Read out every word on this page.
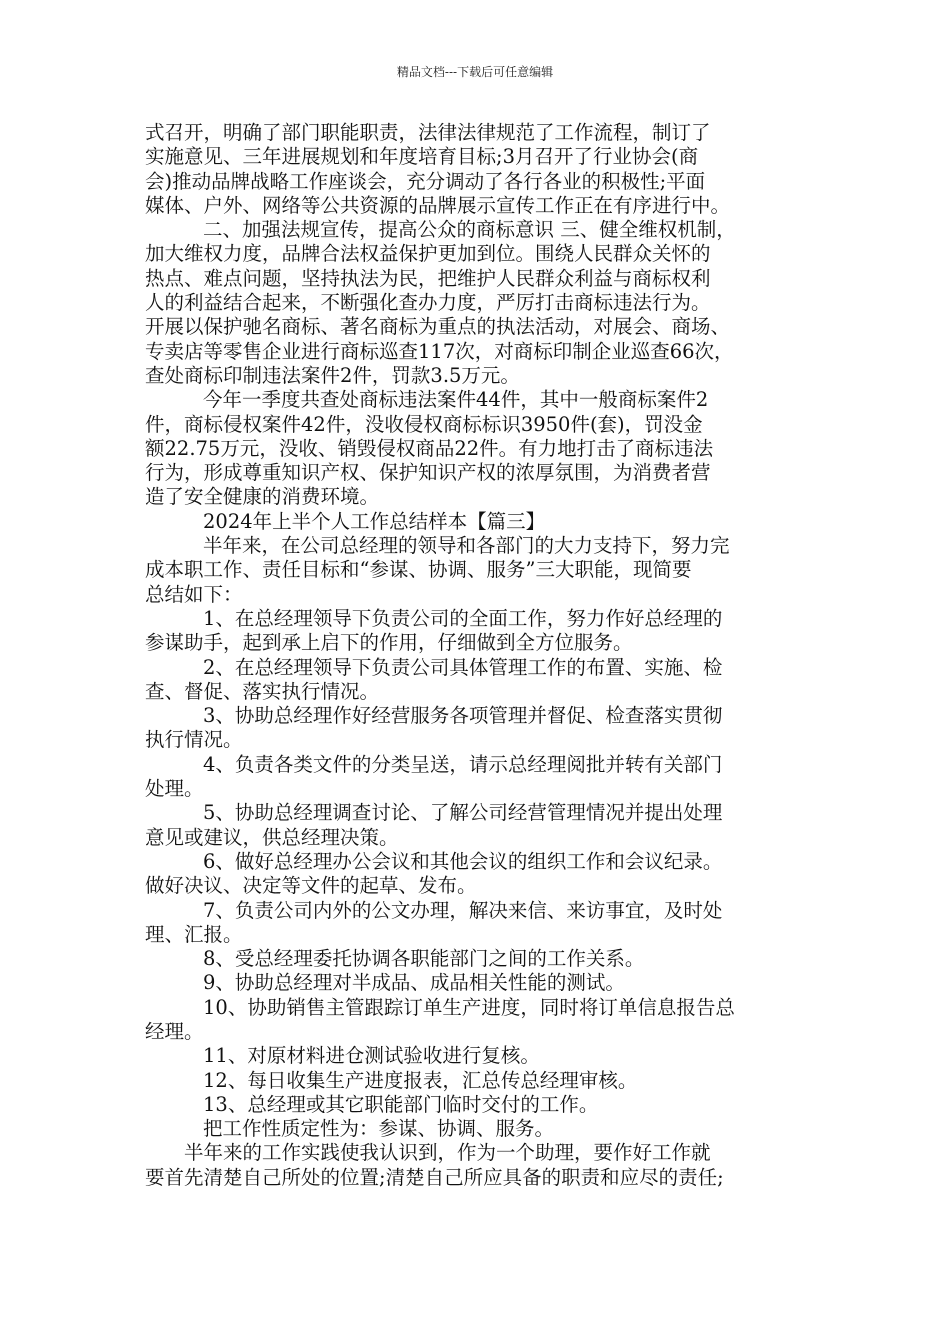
精品文档---下载后可任意编辑
式召开，明确了部门职能职责，法律法律规范了工作流程，制订了
实施意见、三年进展规划和年度培育目标;3月召开了行业协会(商
会)推动品牌战略工作座谈会，充分调动了各行各业的积极性;平面
媒体、户外、网络等公共资源的品牌展示宣传工作正在有序进行中。
二、加强法规宣传，提高公众的商标意识 三、健全维权机制，
加大维权力度，品牌合法权益保护更加到位。围绕人民群众关怀的
热点、难点问题，坚持执法为民，把维护人民群众利益与商标权利
人的利益结合起来，不断强化查办力度，严厉打击商标违法行为。
开展以保护驰名商标、著名商标为重点的执法活动，对展会、商场、
专卖店等零售企业进行商标巡查117次，对商标印制企业巡查66次，
查处商标印制违法案件2件，罚款3.5万元。
今年一季度共查处商标违法案件44件，其中一般商标案件2
件，商标侵权案件42件，没收侵权商标标识3950件(套)，罚没金
额22.75万元，没收、销毁侵权商品22件。有力地打击了商标违法
行为，形成尊重知识产权、保护知识产权的浓厚氛围，为消费者营
造了安全健康的消费环境。
2024年上半个人工作总结样本【篇三】
半年来，在公司总经理的领导和各部门的大力支持下，努力完
成本职工作、责任目标和“参谋、协调、服务”三大职能，现简要
总结如下：
1、在总经理领导下负责公司的全面工作，努力作好总经理的
参谋助手，起到承上启下的作用，仔细做到全方位服务。
2、在总经理领导下负责公司具体管理工作的布置、实施、检
查、督促、落实执行情况。
3、协助总经理作好经营服务各项管理并督促、检查落实贯彻
执行情况。
4、负责各类文件的分类呈送，请示总经理阅批并转有关部门
处理。
5、协助总经理调查讨论、了解公司经营管理情况并提出处理
意见或建议，供总经理决策。
6、做好总经理办公会议和其他会议的组织工作和会议纪录。
做好决议、决定等文件的起草、发布。
7、负责公司内外的公文办理，解决来信、来访事宜，及时处
理、汇报。
8、受总经理委托协调各职能部门之间的工作关系。
9、协助总经理对半成品、成品相关性能的测试。
10、协助销售主管跟踪订单生产进度，同时将订单信息报告总
经理。
11、对原材料进仓测试验收进行复核。
12、每日收集生产进度报表，汇总传总经理审核。
13、总经理或其它职能部门临时交付的工作。
把工作性质定性为：参谋、协调、服务。
半年来的工作实践使我认识到，作为一个助理，要作好工作就
要首先清楚自己所处的位置;清楚自己所应具备的职责和应尽的责任;
